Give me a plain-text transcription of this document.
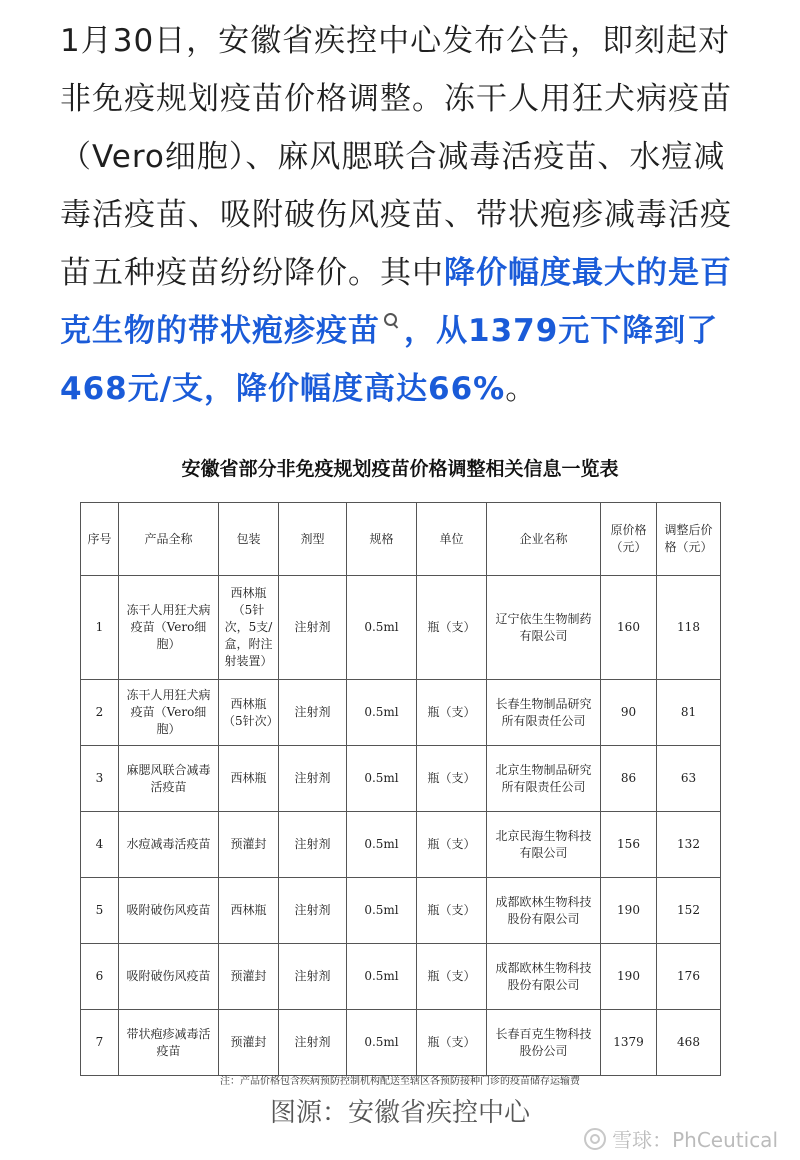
1月30日，安徽省疾控中心发布公告，即刻起对非免疫规划疫苗价格调整。冻干人用狂犬病疫苗（Vero细胞）、麻风腮联合减毒活疫苗、水痘减毒活疫苗、吸附破伤风疫苗、带状疱疹减毒活疫苗五种疫苗纷纷降价。其中降价幅度最大的是百克生物的带状疱疹疫苗 ，从1379元下降到了468元/支，降价幅度高达66%。
安徽省部分非免疫规划疫苗价格调整相关信息一览表
序号	产品全称	包装	剂型	规格	单位	企业名称	原价格（元）	调整后价格（元）
1	冻干人用狂犬病疫苗（Vero细胞）	西林瓶（5针次，5支/盒，附注射装置）	注射剂	0.5ml	瓶（支）	辽宁依生生物制药有限公司	160	118
2	冻干人用狂犬病疫苗（Vero细胞）	西林瓶（5针次）	注射剂	0.5ml	瓶（支）	长春生物制品研究所有限责任公司	90	81
3	麻腮风联合减毒活疫苗	西林瓶	注射剂	0.5ml	瓶（支）	北京生物制品研究所有限责任公司	86	63
4	水痘减毒活疫苗	预灌封	注射剂	0.5ml	瓶（支）	北京民海生物科技有限公司	156	132
5	吸附破伤风疫苗	西林瓶	注射剂	0.5ml	瓶（支）	成都欧林生物科技股份有限公司	190	152
6	吸附破伤风疫苗	预灌封	注射剂	0.5ml	瓶（支）	成都欧林生物科技股份有限公司	190	176
7	带状疱疹减毒活疫苗	预灌封	注射剂	0.5ml	瓶（支）	长春百克生物科技股份公司	1379	468
注：产品价格包含疾病预防控制机构配送至辖区各预防接种门诊的疫苗储存运输费
图源：安徽省疾控中心
雪球：PhCeutical
